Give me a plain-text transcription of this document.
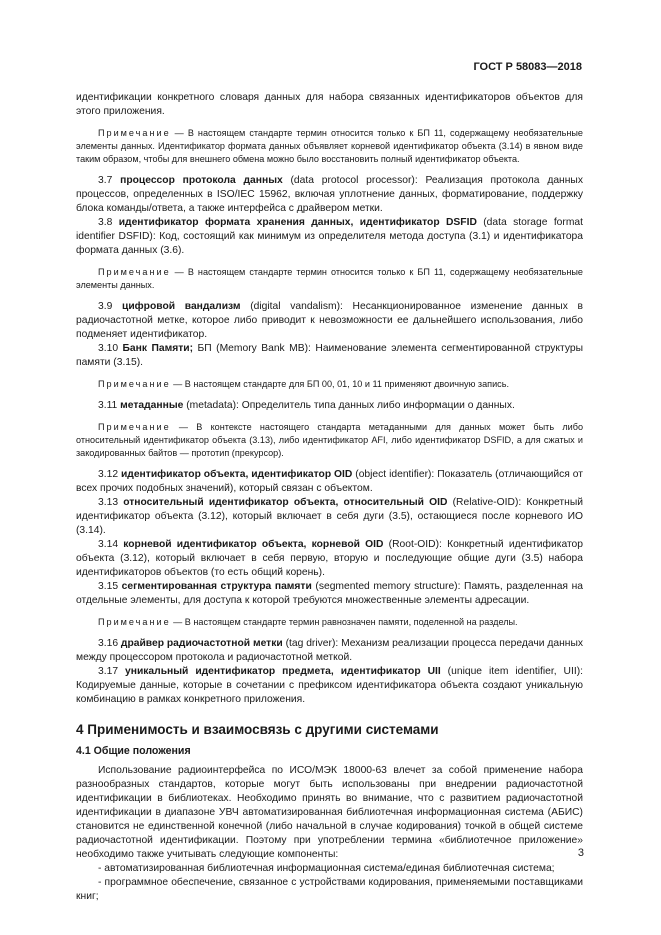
ГОСТ Р 58083—2018

идентификации конкретного словаря данных для набора связанных идентификаторов объектов для этого приложения.

Примечание — В настоящем стандарте термин относится только к БП 11, содержащему необязательные элементы данных. Идентификатор формата данных объявляет корневой идентификатор объекта (3.14) в явном виде таким образом, чтобы для внешнего обмена можно было восстановить полный идентификатор объекта.

3.7 процессор протокола данных (data protocol processor): Реализация протокола данных процессов, определенных в ISO/IEC 15962, включая уплотнение данных, форматирование, поддержку блока команды/ответа, а также интерфейса с драйвером метки.

3.8 идентификатор формата хранения данных, идентификатор DSFID (data storage format identifier DSFID): Код, состоящий как минимум из определителя метода доступа (3.1) и идентификатора формата данных (3.6).

Примечание — В настоящем стандарте термин относится только к БП 11, содержащему необязательные элементы данных.

3.9 цифровой вандализм (digital vandalism): Несанкционированное изменение данных в радиочастотной метке, которое либо приводит к невозможности ее дальнейшего использования, либо подменяет идентификатор.

3.10 Банк Памяти; БП (Memory Bank MB): Наименование элемента сегментированной структуры памяти (3.15).

Примечание — В настоящем стандарте для БП 00, 01, 10 и 11 применяют двоичную запись.

3.11 метаданные (metadata): Определитель типа данных либо информации о данных.

Примечание — В контексте настоящего стандарта метаданными для данных может быть либо относительный идентификатор объекта (3.13), либо идентификатор AFI, либо идентификатор DSFID, а для сжатых и закодированных байтов — прототип (прекурсор).

3.12 идентификатор объекта, идентификатор OID (object identifier): Показатель (отличающийся от всех прочих подобных значений), который связан с объектом.

3.13 относительный идентификатор объекта, относительный OID (Relative-OID): Конкретный идентификатор объекта (3.12), который включает в себя дуги (3.5), остающиеся после корневого ИО (3.14).

3.14 корневой идентификатор объекта, корневой OID (Root-OID): Конкретный идентификатор объекта (3.12), который включает в себя первую, вторую и последующие общие дуги (3.5) набора идентификаторов объектов (то есть общий корень).

3.15 сегментированная структура памяти (segmented memory structure): Память, разделенная на отдельные элементы, для доступа к которой требуются множественные элементы адресации.

Примечание — В настоящем стандарте термин равнозначен памяти, поделенной на разделы.

3.16 драйвер радиочастотной метки (tag driver): Механизм реализации процесса передачи данных между процессором протокола и радиочастотной меткой.

3.17 уникальный идентификатор предмета, идентификатор UII (unique item identifier, UII): Кодируемые данные, которые в сочетании с префиксом идентификатора объекта создают уникальную комбинацию в рамках конкретного приложения.

4 Применимость и взаимосвязь с другими системами
4.1 Общие положения

Использование радиоинтерфейса по ИСО/МЭК 18000-63 влечет за собой применение набора разнообразных стандартов, которые могут быть использованы при внедрении радиочастотной идентификации в библиотеках. Необходимо принять во внимание, что с развитием радиочастотной идентификации в диапазоне УВЧ автоматизированная библиотечная информационная система (АБИС) становится не единственной конечной (либо начальной в случае кодирования) точкой в общей системе радиочастотной идентификации. Поэтому при употреблении термина «библиотечное приложение» необходимо также учитывать следующие компоненты:

- автоматизированная библиотечная информационная система/единая библиотечная система;

- программное обеспечение, связанное с устройствами кодирования, применяемыми поставщиками книг;

3
